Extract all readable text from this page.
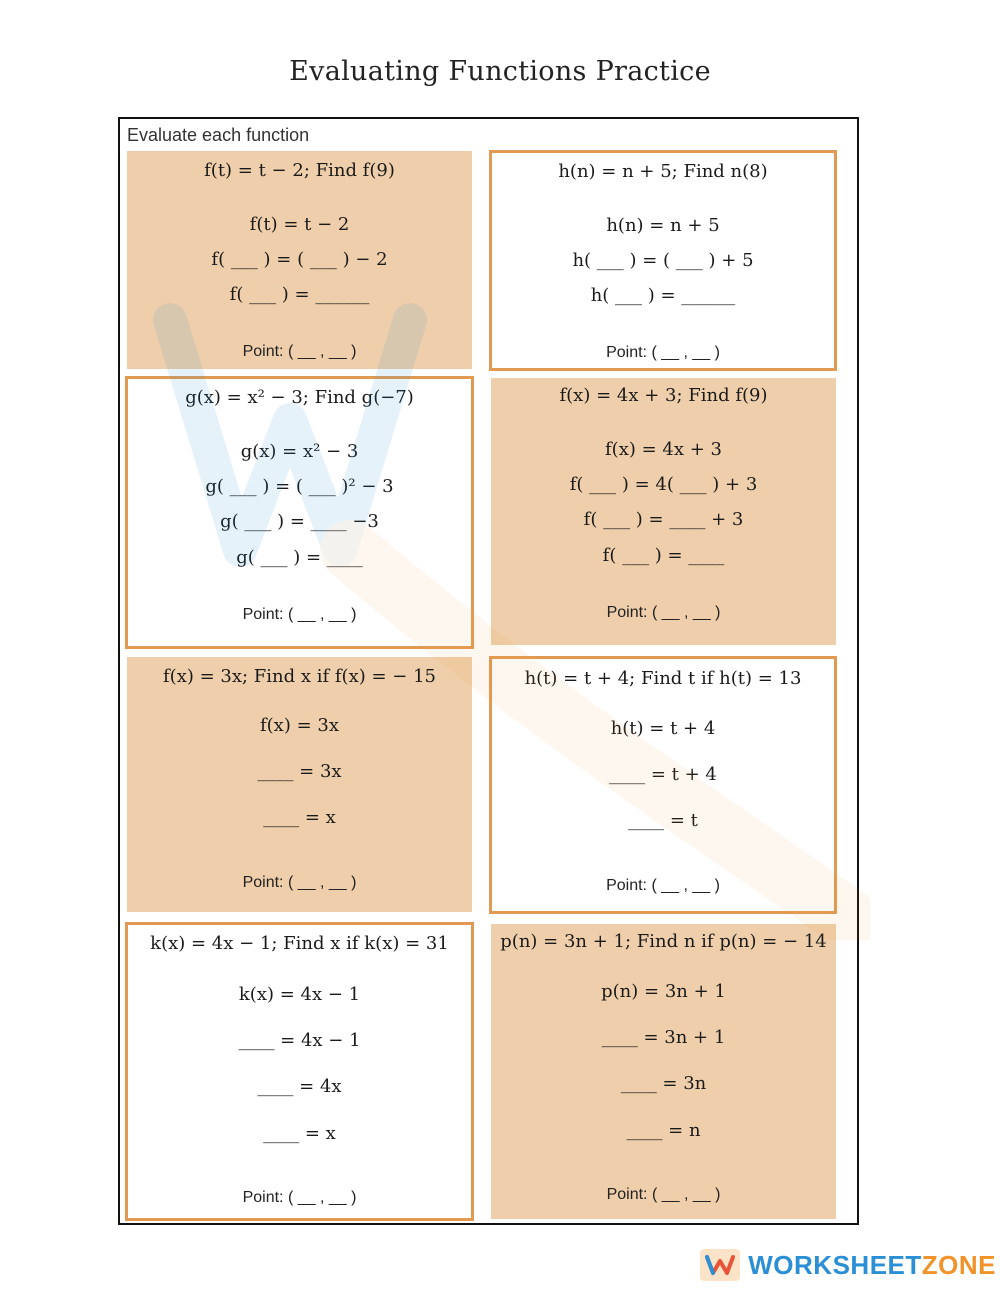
Evaluating Functions Practice
Evaluate each function
f(t) = t − 2; Find f(9)
f(t) = t − 2
f( ___ ) = ( ___ ) − 2
f( ___ ) = ______
Point: ( __ , __ )
h(n) = n + 5; Find n(8)
h(n) = n + 5
h( ___ ) = ( ___ ) + 5
h( ___ ) = ______
Point: ( __ , __ )
g(x) = x² − 3; Find g(−7)
g(x) = x² − 3
g( ___ ) = ( ___ )² − 3
g( ___ ) = ____ −3
g( ___ ) = ____
Point: ( __ , __ )
f(x) = 4x + 3; Find f(9)
f(x) = 4x + 3
f( ___ ) = 4( ___ ) + 3
f( ___ ) = ____ + 3
f( ___ ) = ____
Point: ( __ , __ )
f(x) = 3x; Find x if f(x) = − 15
f(x) = 3x
____ = 3x
____ = x
Point: ( __ , __ )
h(t) = t + 4; Find t if h(t) = 13
h(t) = t + 4
____ = t + 4
____ = t
Point: ( __ , __ )
k(x) = 4x − 1; Find x if k(x) = 31
k(x) = 4x − 1
____ = 4x − 1
____ = 4x
____ = x
Point: ( __ , __ )
p(n) = 3n + 1; Find n if p(n) = − 14
p(n) = 3n + 1
____ = 3n + 1
____ = 3n
____ = n
Point: ( __ , __ )
WORKSHEETZONE
